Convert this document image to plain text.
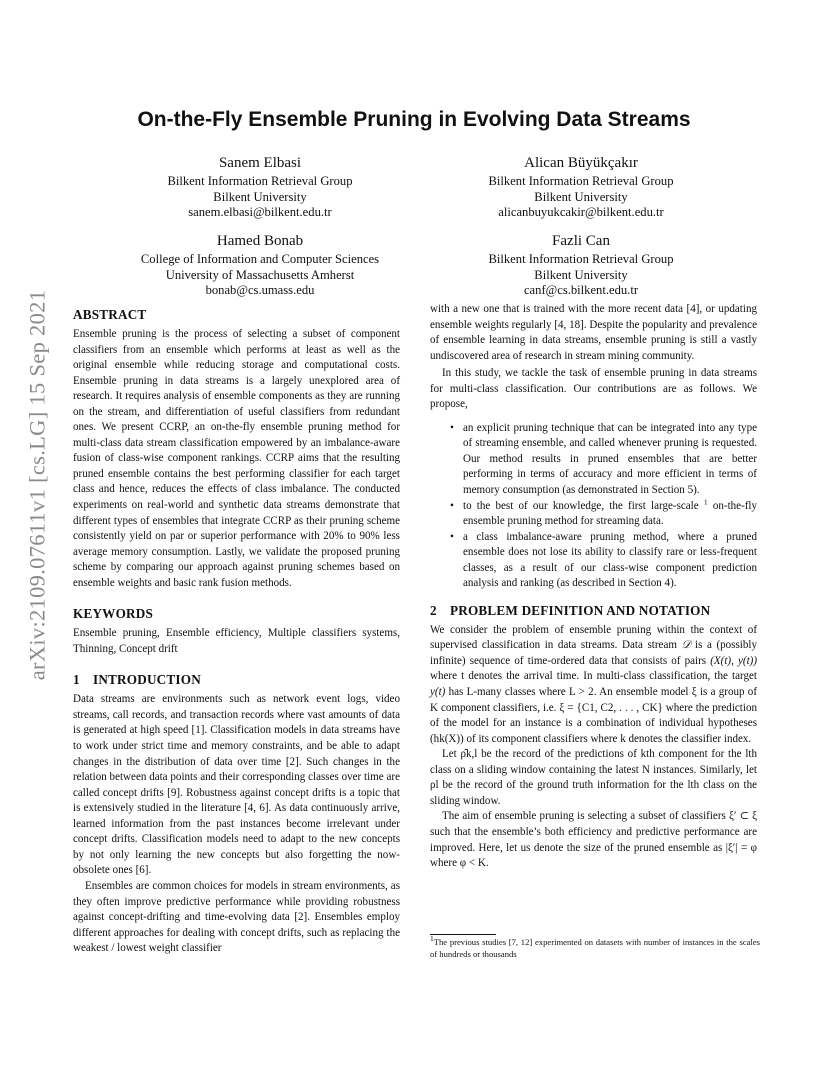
arXiv:2109.07611v1 [cs.LG] 15 Sep 2021
On-the-Fly Ensemble Pruning in Evolving Data Streams
Sanem Elbasi
Bilkent Information Retrieval Group
Bilkent University
sanem.elbasi@bilkent.edu.tr
Alican Büyükçakır
Bilkent Information Retrieval Group
Bilkent University
alicanbuyukcakir@bilkent.edu.tr
Hamed Bonab
College of Information and Computer Sciences
University of Massachusetts Amherst
bonab@cs.umass.edu
Fazli Can
Bilkent Information Retrieval Group
Bilkent University
canf@cs.bilkent.edu.tr
ABSTRACT

Ensemble pruning is the process of selecting a subset of component classifiers from an ensemble which performs at least as well as the original ensemble while reducing storage and computational costs. Ensemble pruning in data streams is a largely unexplored area of research. It requires analysis of ensemble components as they are running on the stream, and differentiation of useful classifiers from redundant ones. We present CCRP, an on-the-fly ensemble pruning method for multi-class data stream classification empowered by an imbalance-aware fusion of class-wise component rankings. CCRP aims that the resulting pruned ensemble contains the best performing classifier for each target class and hence, reduces the effects of class imbalance. The conducted experiments on real-world and synthetic data streams demonstrate that different types of ensembles that integrate CCRP as their pruning scheme consistently yield on par or superior performance with 20% to 90% less average memory consumption. Lastly, we validate the proposed pruning scheme by comparing our approach against pruning schemes based on ensemble weights and basic rank fusion methods.

KEYWORDS

Ensemble pruning, Ensemble efficiency, Multiple classifiers systems, Thinning, Concept drift

1 INTRODUCTION

Data streams are environments such as network event logs, video streams, call records, and transaction records where vast amounts of data is generated at high speed [1]. Classification models in data streams have to work under strict time and memory constraints, and be able to adapt changes in the distribution of data over time [2]. Such changes in the relation between data points and their corresponding classes over time are called concept drifts [9]. Robustness against concept drifts is a topic that is extensively studied in the literature [4, 6]. As data continuously arrive, learned information from the past instances become irrelevant under concept drifts. Classification models need to adapt to the new concepts by not only learning the new concepts but also forgetting the now-obsolete ones [6].

Ensembles are common choices for models in stream environments, as they often improve predictive performance while providing robustness against concept-drifting and time-evolving data [2]. Ensembles employ different approaches for dealing with concept drifts, such as replacing the weakest / lowest weight classifier

with a new one that is trained with the more recent data [4], or updating ensemble weights regularly [4, 18]. Despite the popularity and prevalence of ensemble learning in data streams, ensemble pruning is still a vastly undiscovered area of research in stream mining community.

In this study, we tackle the task of ensemble pruning in data streams for multi-class classification. Our contributions are as follows. We propose,

• an explicit pruning technique that can be integrated into any type of streaming ensemble, and called whenever pruning is requested. Our method results in pruned ensembles that are better performing in terms of accuracy and more efficient in terms of memory consumption (as demonstrated in Section 5).
• to the best of our knowledge, the first large-scale $^1$ on-the-fly ensemble pruning method for streaming data.
• a class imbalance-aware pruning method, where a pruned ensemble does not lose its ability to classify rare or less-frequent classes, as a result of our class-wise component prediction analysis and ranking (as described in Section 4).
2 PROBLEM DEFINITION AND NOTATION

We consider the problem of ensemble pruning within the context of supervised classification in data streams. Data stream 𝒟 is a (possibly infinite) sequence of time-ordered data that consists of pairs (X(t), y(t)) where t denotes the arrival time. In multi-class classification, the target y(t) has L-many classes where L > 2. An ensemble model ξ is a group of K component classifiers, i.e. ξ = {C1, C2, . . . , CK} where the prediction of the model for an instance is a combination of individual hypotheses (hk(X)) of its component classifiers where k denotes the classifier index.

Let ρ̂k,l be the record of the predictions of kth component for the lth class on a sliding window containing the latest N instances. Similarly, let ρl be the record of the ground truth information for the lth class on the sliding window.

The aim of ensemble pruning is selecting a subset of classifiers ξ′ ⊂ ξ such that the ensemble’s both efficiency and predictive performance are improved. Here, let us denote the size of the pruned ensemble as |ξ′| = φ where φ < K.

$^1$The previous studies [7, 12] experimented on datasets with number of instances in the scales of hundreds or thousands
